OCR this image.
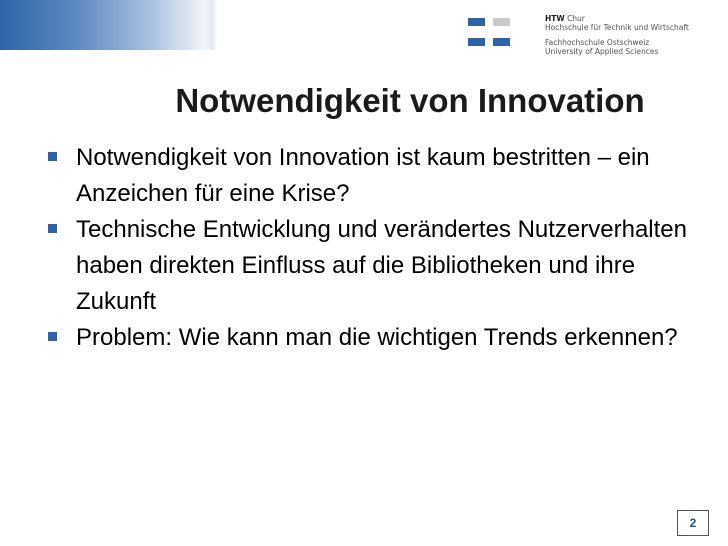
HTW Chur
Hochschule für Technik und Wirtschaft
Fachhochschule Ostschweiz
University of Applied Sciences
Notwendigkeit von Innovation
Notwendigkeit von Innovation ist kaum bestritten – ein Anzeichen für eine Krise?
Technische Entwicklung und verändertes Nutzerverhalten haben direkten Einfluss auf die Bibliotheken und ihre Zukunft
Problem: Wie kann man die wichtigen Trends erkennen?
2
